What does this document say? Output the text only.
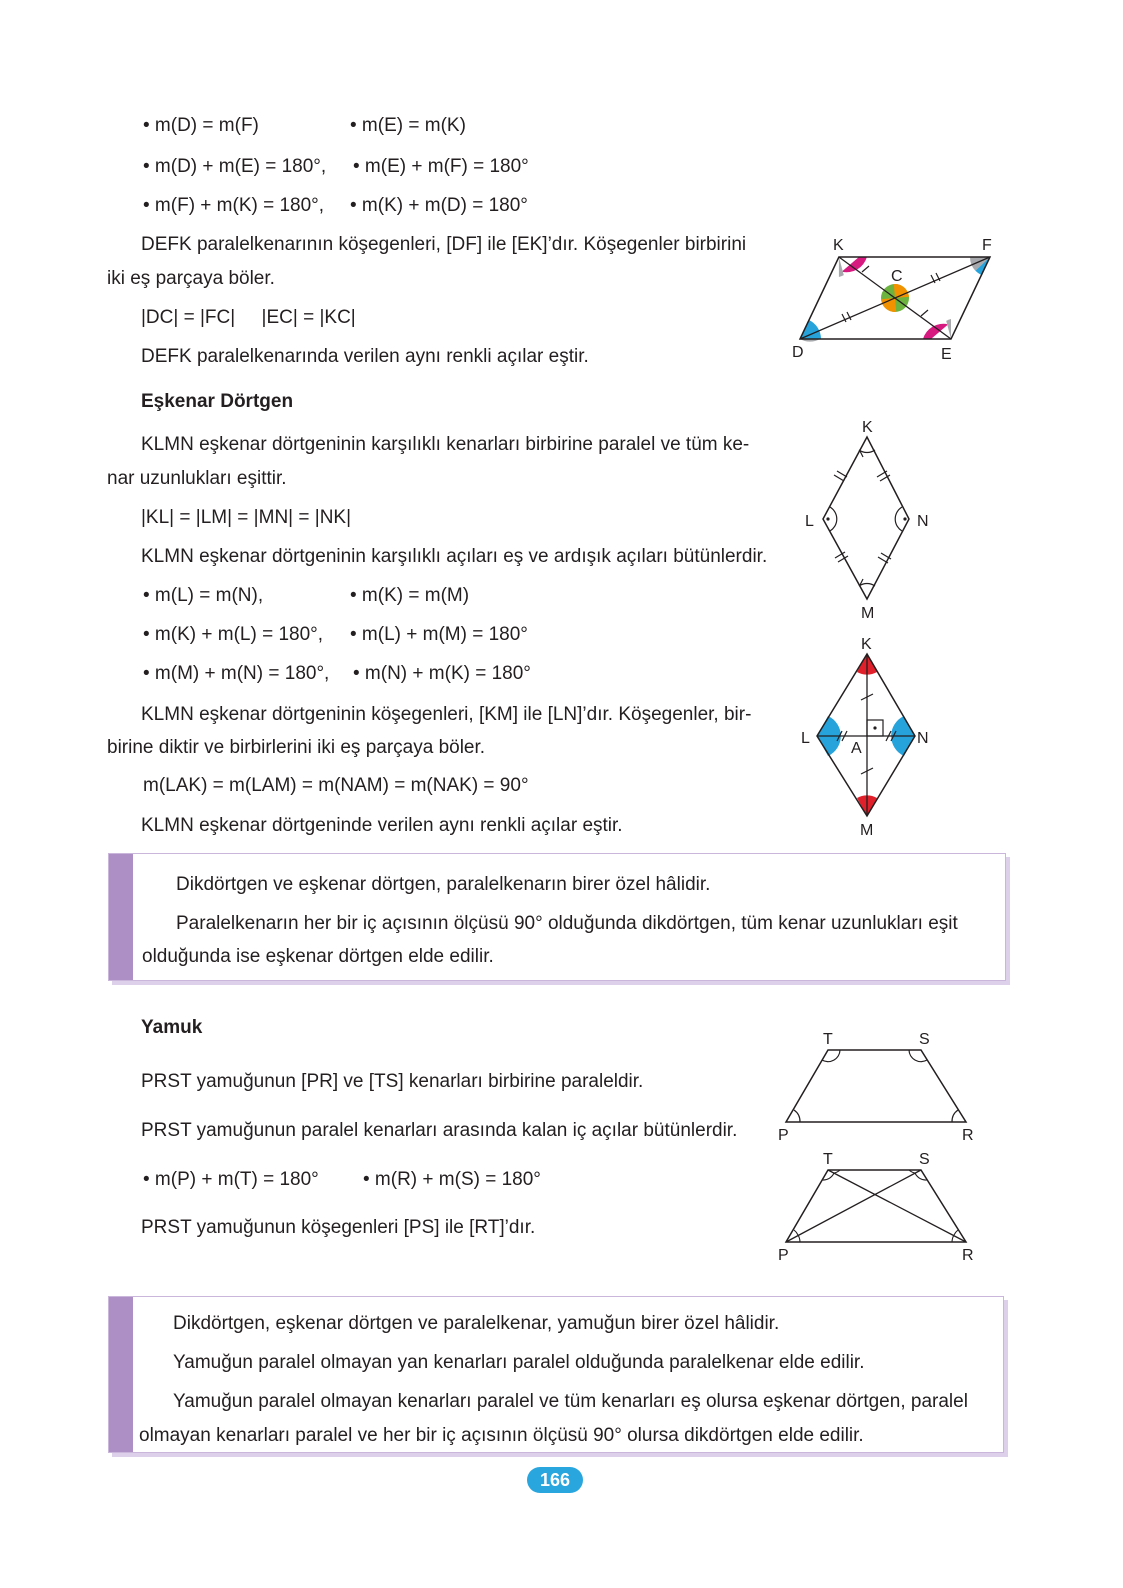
• m(D) = m(F)	• m(E) = m(K)
• m(D) + m(E) = 180°, • m(E) + m(F) = 180°
• m(F) + m(K) = 180°, • m(K) + m(D) = 180°
DEFK paralelkenarının köşegenleri, [DF] ile [EK]’dır. Köşegenler birbirini
iki eş parçaya böler.
|DC| = |FC|     |EC| = |KC|
DEFK paralelkenarında verilen aynı renkli açılar eştir.
K	F
C
D	E
Eşkenar Dörtgen
KLMN eşkenar dörtgeninin karşılıklı kenarları birbirine paralel ve tüm ke-
nar uzunlukları eşittir.
|KL| = |LM| = |MN| = |NK|
KLMN eşkenar dörtgeninin karşılıklı açıları eş ve ardışık açıları bütünlerdir.
• m(L) = m(N),	• m(K) = m(M)
• m(K) + m(L) = 180°, • m(L) + m(M) = 180°
• m(M) + m(N) = 180°, • m(N) + m(K) = 180°
KLMN eşkenar dörtgeninin köşegenleri, [KM] ile [LN]’dır. Köşegenler, bir-
birine diktir ve birbirlerini iki eş parçaya böler.
m(LAK) = m(LAM) = m(NAM) = m(NAK) = 90°
KLMN eşkenar dörtgeninde verilen aynı renkli açılar eştir.
K
L	N
M
K
L	N
A
M
Dikdörtgen ve eşkenar dörtgen, paralelkenarın birer özel hâlidir.
Paralelkenarın her bir iç açısının ölçüsü 90° olduğunda dikdörtgen, tüm kenar uzunlukları eşit
olduğunda ise eşkenar dörtgen elde edilir.
Yamuk
PRST yamuğunun [PR] ve [TS] kenarları birbirine paraleldir.
PRST yamuğunun paralel kenarları arasında kalan iç açılar bütünlerdir.
• m(P) + m(T) = 180° • m(R) + m(S) = 180°
PRST yamuğunun köşegenleri [PS] ile [RT]’dır.
T	S
P	R
T	S
P	R
Dikdörtgen, eşkenar dörtgen ve paralelkenar, yamuğun birer özel hâlidir.
Yamuğun paralel olmayan yan kenarları paralel olduğunda paralelkenar elde edilir.
Yamuğun paralel olmayan kenarları paralel ve tüm kenarları eş olursa eşkenar dörtgen, paralel
olmayan kenarları paralel ve her bir iç açısının ölçüsü 90° olursa dikdörtgen elde edilir.
166
